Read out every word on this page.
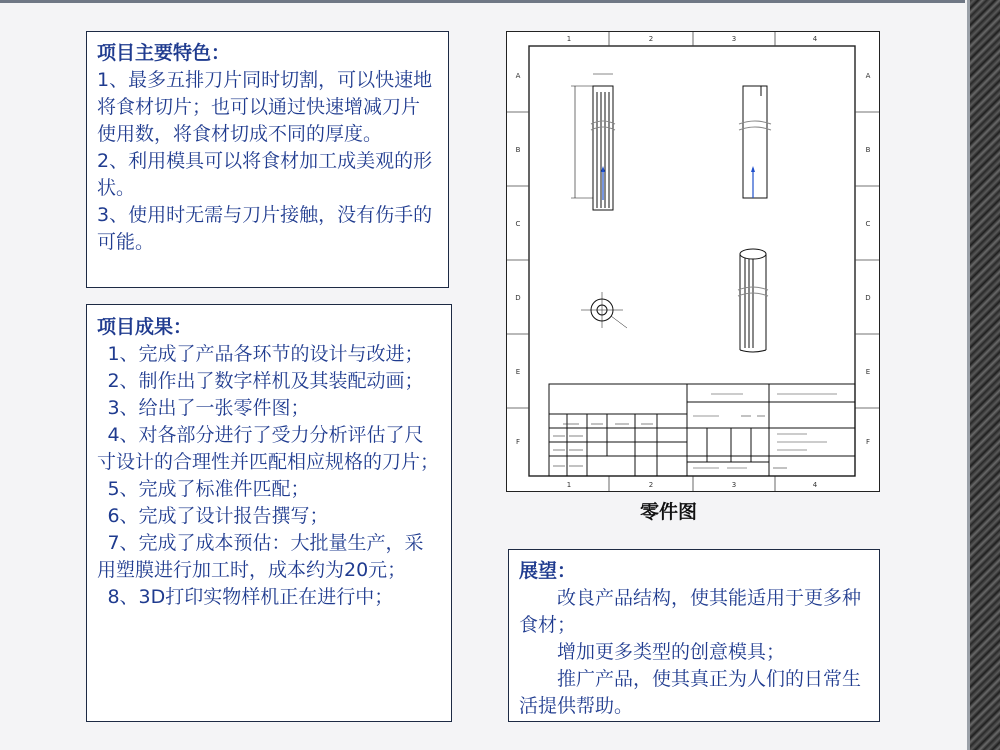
项目主要特色：

1、最多五排刀片同时切割，可以快速地将食材切片；也可以通过快速增减刀片使用数，将食材切成不同的厚度。

2、利用模具可以将食材加工成美观的形状。

3、使用时无需与刀片接触，没有伤手的可能。

项目成果：

1、完成了产品各环节的设计与改进；

2、制作出了数字样机及其装配动画；

3、给出了一张零件图；

4、对各部分进行了受力分析评估了尺寸设计的合理性并匹配相应规格的刀片；

5、完成了标准件匹配；

6、完成了设计报告撰写；

7、完成了成本预估：大批量生产，采用塑膜进行加工时，成本约为20元；

8、3D打印实物样机正在进行中；

1	2	3	4
1	2	3	4
A
B
C
D
E
F
A
B
C
D
E
F
零件图
展望：

改良产品结构，使其能适用于更多种食材；

增加更多类型的创意模具；

推广产品，使其真正为人们的日常生活提供帮助。
